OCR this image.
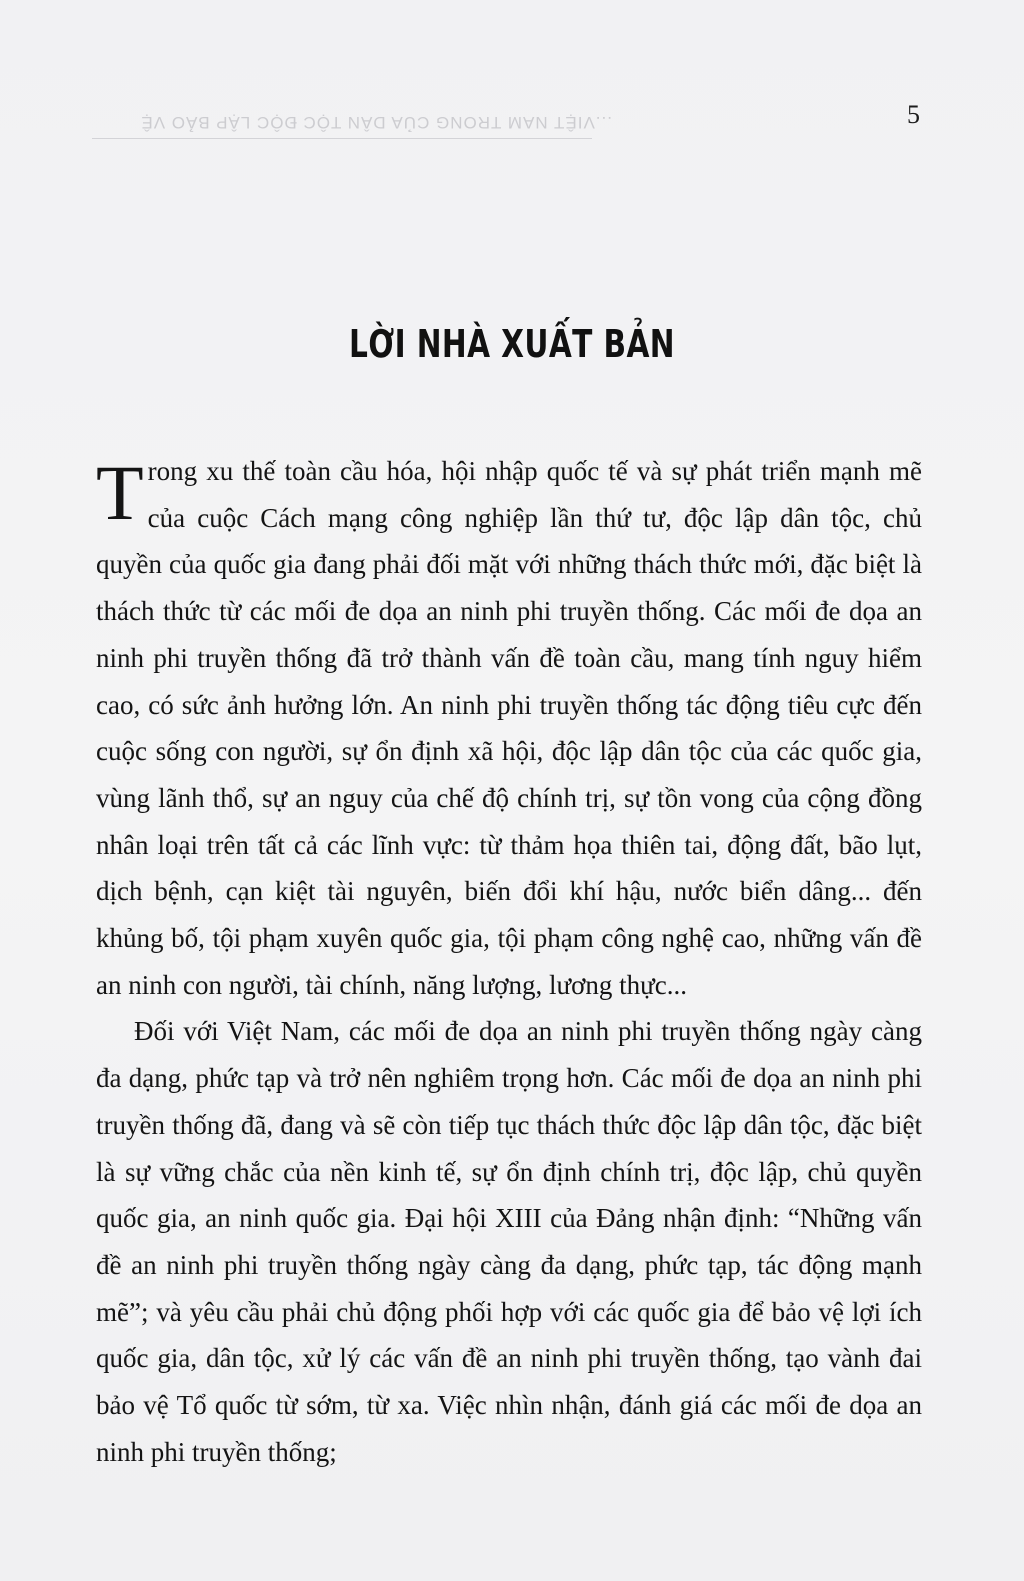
...VIỆT NAM TRONG CỦA DÂN TỘC ĐỘC LẬP BẢO VỆ	5
LỜI NHÀ XUẤT BẢN

Trong xu thế toàn cầu hóa, hội nhập quốc tế và sự phát triển mạnh mẽ của cuộc Cách mạng công nghiệp lần thứ tư, độc lập dân tộc, chủ quyền của quốc gia đang phải đối mặt với những thách thức mới, đặc biệt là thách thức từ các mối đe dọa an ninh phi truyền thống. Các mối đe dọa an ninh phi truyền thống đã trở thành vấn đề toàn cầu, mang tính nguy hiểm cao, có sức ảnh hưởng lớn. An ninh phi truyền thống tác động tiêu cực đến cuộc sống con người, sự ổn định xã hội, độc lập dân tộc của các quốc gia, vùng lãnh thổ, sự an nguy của chế độ chính trị, sự tồn vong của cộng đồng nhân loại trên tất cả các lĩnh vực: từ thảm họa thiên tai, động đất, bão lụt, dịch bệnh, cạn kiệt tài nguyên, biến đổi khí hậu, nước biển dâng... đến khủng bố, tội phạm xuyên quốc gia, tội phạm công nghệ cao, những vấn đề an ninh con người, tài chính, năng lượng, lương thực...

Đối với Việt Nam, các mối đe dọa an ninh phi truyền thống ngày càng đa dạng, phức tạp và trở nên nghiêm trọng hơn. Các mối đe dọa an ninh phi truyền thống đã, đang và sẽ còn tiếp tục thách thức độc lập dân tộc, đặc biệt là sự vững chắc của nền kinh tế, sự ổn định chính trị, độc lập, chủ quyền quốc gia, an ninh quốc gia. Đại hội XIII của Đảng nhận định: “Những vấn đề an ninh phi truyền thống ngày càng đa dạng, phức tạp, tác động mạnh mẽ”; và yêu cầu phải chủ động phối hợp với các quốc gia để bảo vệ lợi ích quốc gia, dân tộc, xử lý các vấn đề an ninh phi truyền thống, tạo vành đai bảo vệ Tổ quốc từ sớm, từ xa. Việc nhìn nhận, đánh giá các mối đe dọa an ninh phi truyền thống;
